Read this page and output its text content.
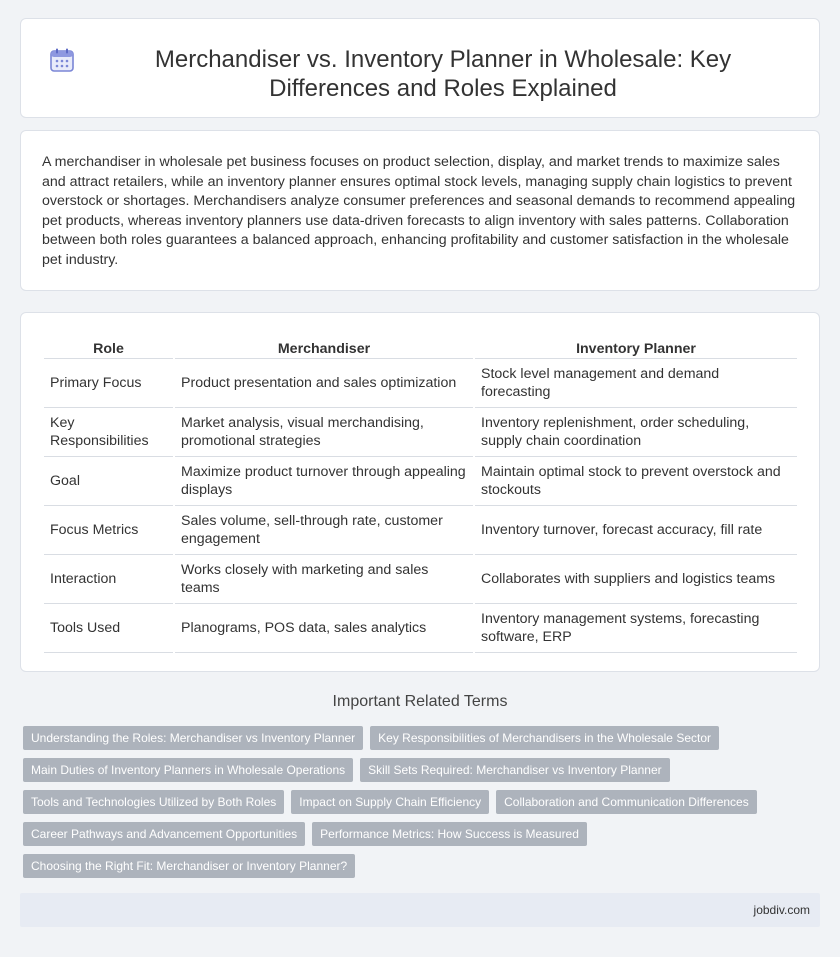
Merchandiser vs. Inventory Planner in Wholesale: Key Differences and Roles Explained

A merchandiser in wholesale pet business focuses on product selection, display, and market trends to maximize sales and attract retailers, while an inventory planner ensures optimal stock levels, managing supply chain logistics to prevent overstock or shortages. Merchandisers analyze consumer preferences and seasonal demands to recommend appealing pet products, whereas inventory planners use data-driven forecasts to align inventory with sales patterns. Collaboration between both roles guarantees a balanced approach, enhancing profitability and customer satisfaction in the wholesale pet industry.

Role	Merchandiser	Inventory Planner
Primary Focus	Product presentation and sales optimization	Stock level management and demand forecasting
Key Responsibilities	Market analysis, visual merchandising, promotional strategies	Inventory replenishment, order scheduling, supply chain coordination
Goal	Maximize product turnover through appealing displays	Maintain optimal stock to prevent overstock and stockouts
Focus Metrics	Sales volume, sell-through rate, customer engagement	Inventory turnover, forecast accuracy, fill rate
Interaction	Works closely with marketing and sales teams	Collaborates with suppliers and logistics teams
Tools Used	Planograms, POS data, sales analytics	Inventory management systems, forecasting software, ERP
Important Related Terms
Understanding the Roles: Merchandiser vs Inventory Planner	Key Responsibilities of Merchandisers in the Wholesale Sector
Main Duties of Inventory Planners in Wholesale Operations	Skill Sets Required: Merchandiser vs Inventory Planner
Tools and Technologies Utilized by Both Roles	Impact on Supply Chain Efficiency	Collaboration and Communication Differences
Career Pathways and Advancement Opportunities	Performance Metrics: How Success is Measured
Choosing the Right Fit: Merchandiser or Inventory Planner?
jobdiv.com
